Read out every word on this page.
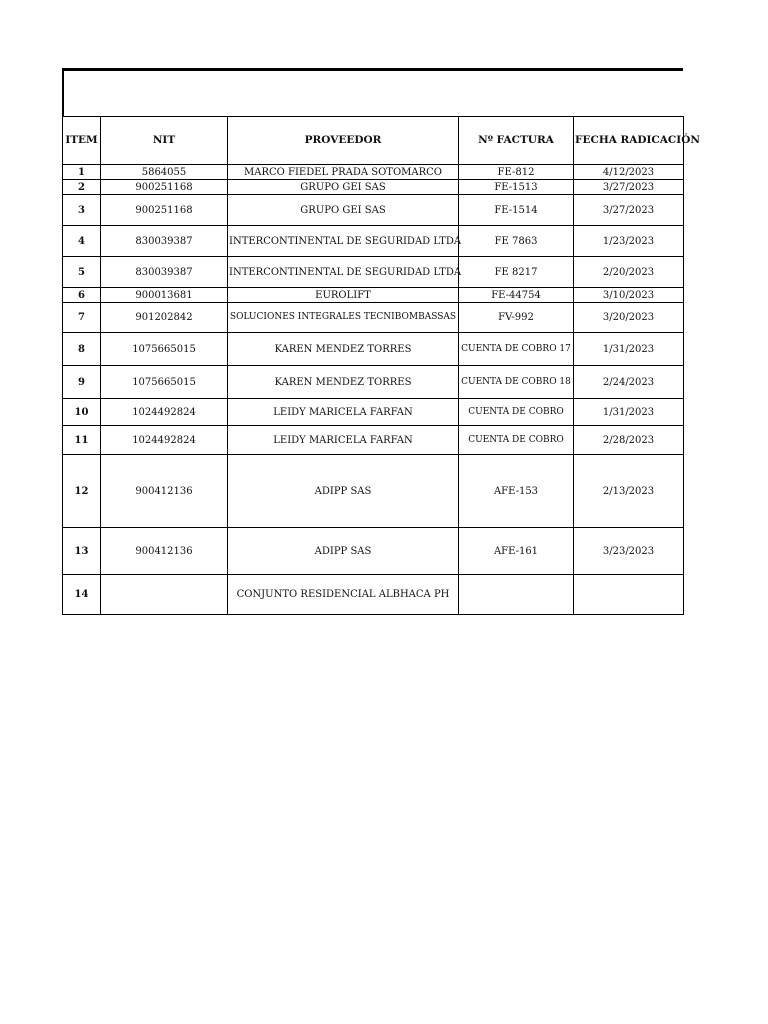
ITEM	NIT	PROVEEDOR	Nº FACTURA	FECHA RADICACIÓN
1	5864055	MARCO FIEDEL PRADA SOTOMARCO	FE-812	4/12/2023
2	900251168	GRUPO GEI SAS	FE-1513	3/27/2023
3	900251168	GRUPO GEI SAS	FE-1514	3/27/2023
4	830039387	INTERCONTINENTAL DE SEGURIDAD LTDA	FE 7863	1/23/2023
5	830039387	INTERCONTINENTAL DE SEGURIDAD LTDA	FE 8217	2/20/2023
6	900013681	EUROLIFT	FE-44754	3/10/2023
7	901202842	SOLUCIONES INTEGRALES TECNIBOMBASSAS	FV-992	3/20/2023
8	1075665015	KAREN MENDEZ TORRES	CUENTA DE COBRO 17	1/31/2023
9	1075665015	KAREN MENDEZ TORRES	CUENTA DE COBRO 18	2/24/2023
10	1024492824	LEIDY MARICELA FARFAN	CUENTA DE COBRO	1/31/2023
11	1024492824	LEIDY MARICELA FARFAN	CUENTA DE COBRO	2/28/2023
12	900412136	ADIPP SAS	AFE-153	2/13/2023
13	900412136	ADIPP SAS	AFE-161	3/23/2023
14		CONJUNTO RESIDENCIAL ALBHACA PH		
